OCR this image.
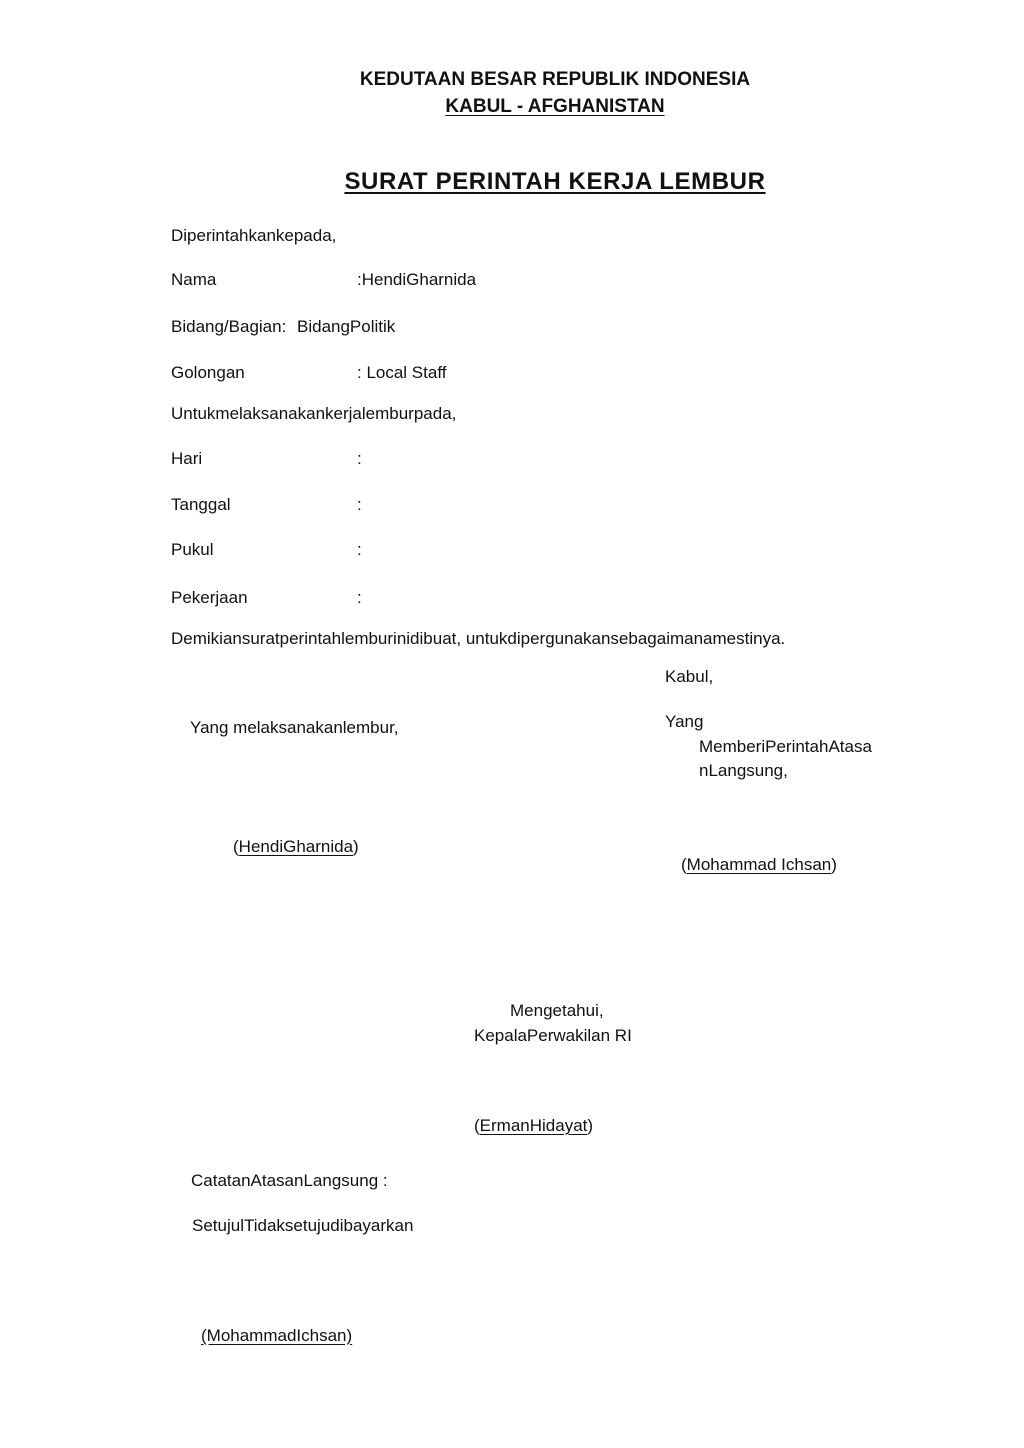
KEDUTAAN BESAR REPUBLIK INDONESIA
KABUL - AFGHANISTAN
SURAT PERINTAH KERJA LEMBUR
Diperintahkankepada,
Nama	:HendiGharnida
Bidang/Bagian: BidangPolitik
Golongan	: Local Staff
Untukmelaksanakankerjalemburpada,
Hari	:
Tanggal	:
Pukul	:
Pekerjaan	:
Demikiansuratperintahlemburinidibuat, untukdipergunakansebagaimanamestinya.
Kabul,
Yang melaksanakanlembur,
(HendiGharnida)
Yang
MemberiPerintahAtasa
nLangsung,
(Mohammad Ichsan)
Mengetahui,
KepalaPerwakilan RI
(ErmanHidayat)
CatatanAtasanLangsung :
SetujulTidaksetujudibayarkan
(MohammadIchsan)
